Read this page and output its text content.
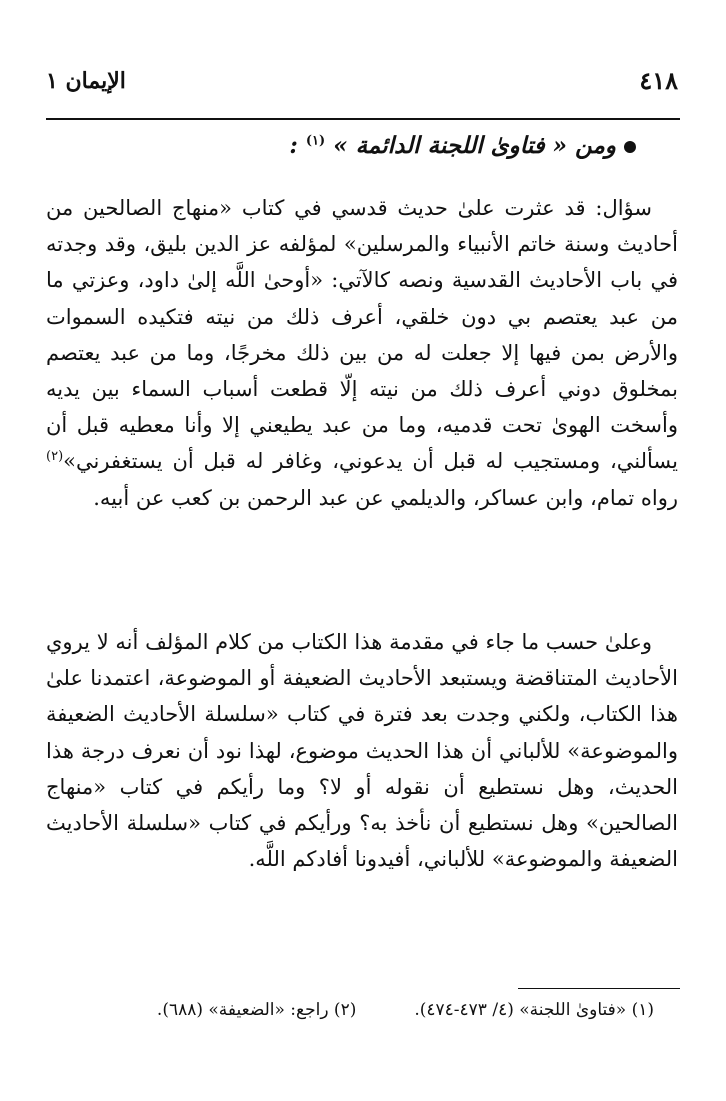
٤١٨
الإيمان ١
ومن « فتاوىٰ اللجنة الدائمة » $^{(١)}$ :

سؤال: قد عثرت علىٰ حديث قدسي في كتاب «منهاج الصالحين من أحاديث وسنة خاتم الأنبياء والمرسلين» لمؤلفه عز الدين بليق، وقد وجدته في باب الأحاديث القدسية ونصه كالآتي: «أوحىٰ اللَّه إلىٰ داود، وعزتي ما من عبد يعتصم بي دون خلقي، أعرف ذلك من نيته فتكيده السموات والأرض بمن فيها إلا جعلت له من بين ذلك مخرجًا، وما من عبد يعتصم بمخلوق دوني أعرف ذلك من نيته إلّا قطعت أسباب السماء بين يديه وأسخت الهوىٰ تحت قدميه، وما من عبد يطيعني إلا وأنا معطيه قبل أن يسألني، ومستجيب له قبل أن يدعوني، وغافر له قبل أن يستغفرني»$^{(٢)}$ رواه تمام، وابن عساكر، والديلمي عن عبد الرحمن بن كعب عن أبيه.

وعلىٰ حسب ما جاء في مقدمة هذا الكتاب من كلام المؤلف أنه لا يروي الأحاديث المتناقضة ويستبعد الأحاديث الضعيفة أو الموضوعة، اعتمدنا علىٰ هذا الكتاب، ولكني وجدت بعد فترة في كتاب «سلسلة الأحاديث الضعيفة والموضوعة» للألباني أن هذا الحديث موضوع، لهذا نود أن نعرف درجة هذا الحديث، وهل نستطيع أن نقوله أو لا؟ وما رأيكم في كتاب «منهاج الصالحين» وهل نستطيع أن نأخذ به؟ ورأيكم في كتاب «سلسلة الأحاديث الضعيفة والموضوعة» للألباني، أفيدونا أفادكم اللَّه.

(١) «فتاوىٰ اللجنة» (٤/ ٤٧٣-٤٧٤).(٢) راجع: «الضعيفة» (٦٨٨).
